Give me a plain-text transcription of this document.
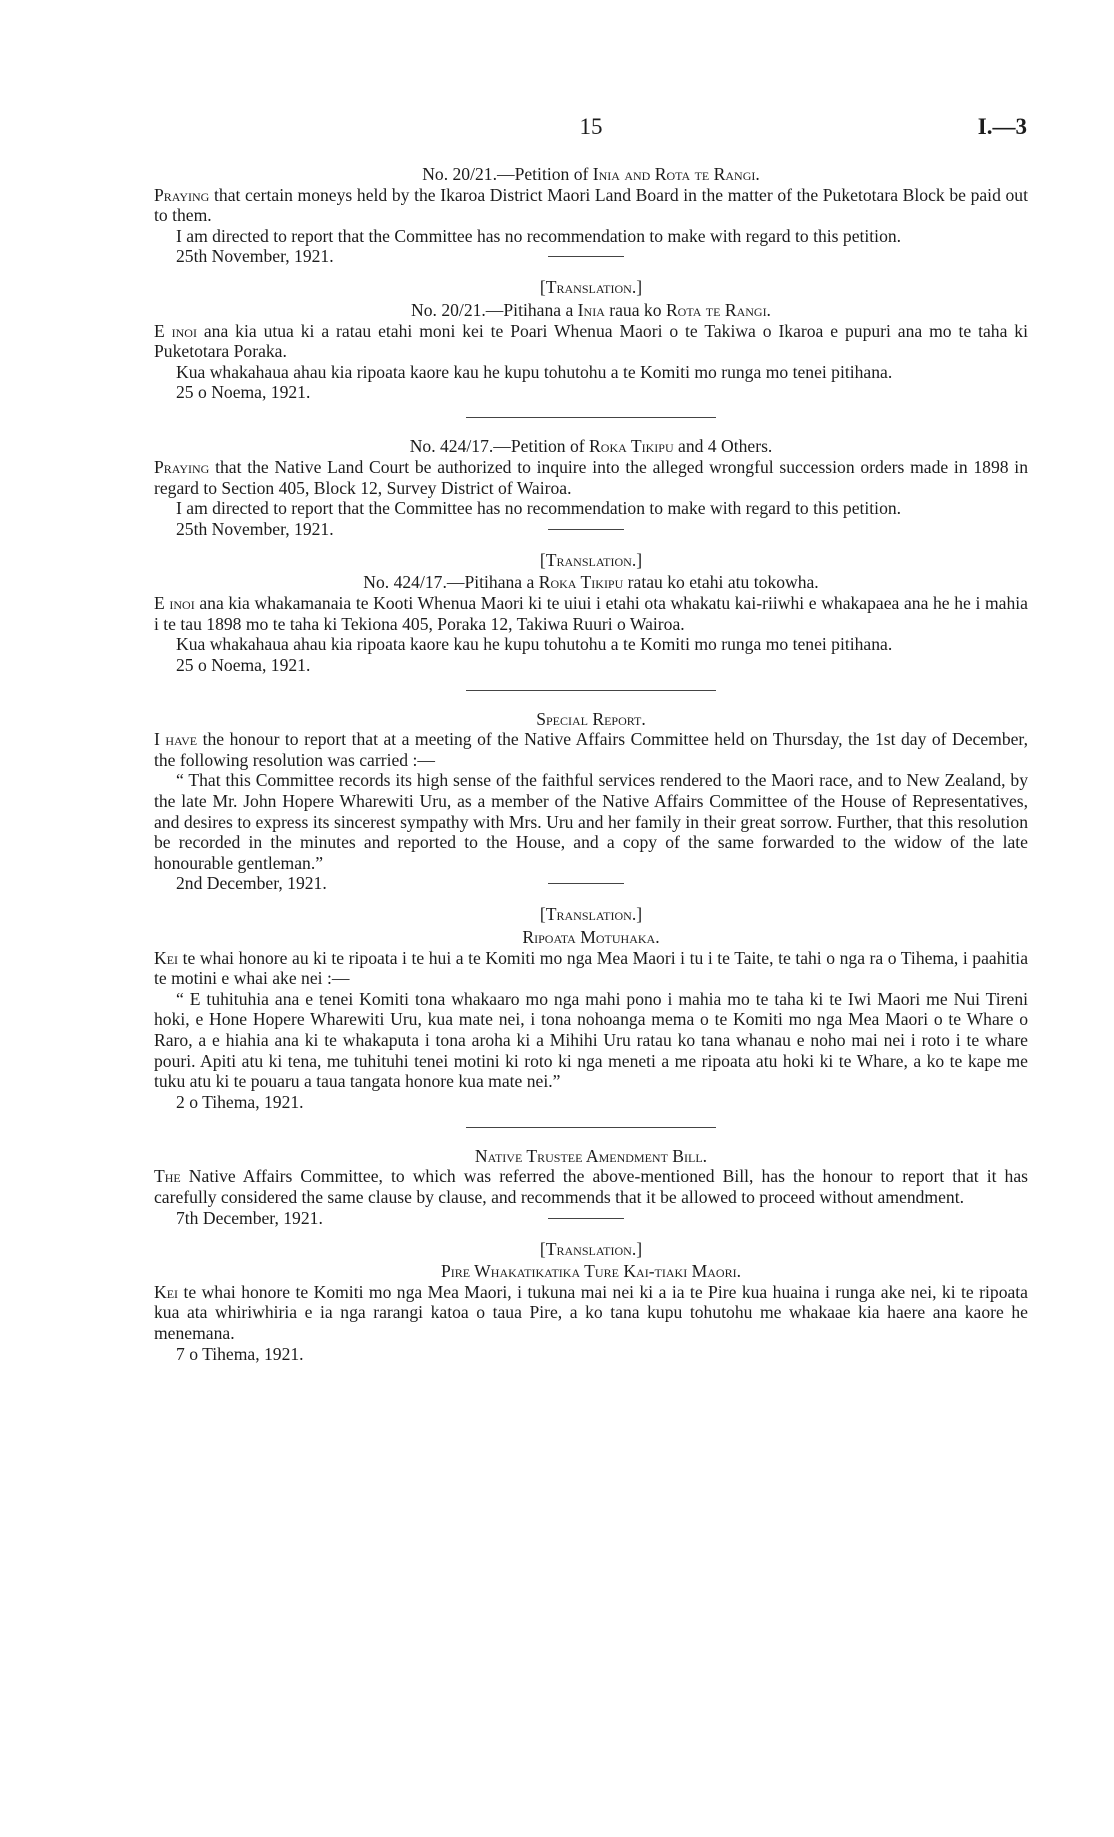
15	I.—3
No. 20/21.—Petition of Inia and Rota te Rangi.

Praying that certain moneys held by the Ikaroa District Maori Land Board in the matter of the Puketotara Block be paid out to them.

I am directed to report that the Committee has no recommendation to make with regard to this petition.

25th November, 1921.
[Translation.]
No. 20/21.—Pitihana a Inia raua ko Rota te Rangi.

E inoi ana kia utua ki a ratau etahi moni kei te Poari Whenua Maori o te Takiwa o Ikaroa e pupuri ana mo te taha ki Puketotara Poraka.

Kua whakahaua ahau kia ripoata kaore kau he kupu tohutohu a te Komiti mo runga mo tenei pitihana.

25 o Noema, 1921.
No. 424/17.—Petition of Roka Tikipu and 4 Others.

Praying that the Native Land Court be authorized to inquire into the alleged wrongful succession orders made in 1898 in regard to Section 405, Block 12, Survey District of Wairoa.

I am directed to report that the Committee has no recommendation to make with regard to this petition.

25th November, 1921.
[Translation.]
No. 424/17.—Pitihana a Roka Tikipu ratau ko etahi atu tokowha.

E inoi ana kia whakamanaia te Kooti Whenua Maori ki te uiui i etahi ota whakatu kai-riiwhi e whakapaea ana he he i mahia i te tau 1898 mo te taha ki Tekiona 405, Poraka 12, Takiwa Ruuri o Wairoa.

Kua whakahaua ahau kia ripoata kaore kau he kupu tohutohu a te Komiti mo runga mo tenei pitihana.

25 o Noema, 1921.
Special Report.

I have the honour to report that at a meeting of the Native Affairs Committee held on Thursday, the 1st day of December, the following resolution was carried :—

“ That this Committee records its high sense of the faithful services rendered to the Maori race, and to New Zealand, by the late Mr. John Hopere Wharewiti Uru, as a member of the Native Affairs Committee of the House of Representatives, and desires to express its sincerest sympathy with Mrs. Uru and her family in their great sorrow. Further, that this resolution be recorded in the minutes and reported to the House, and a copy of the same forwarded to the widow of the late honourable gentleman.”

2nd December, 1921.
[Translation.]
Ripoata Motuhaka.

Kei te whai honore au ki te ripoata i te hui a te Komiti mo nga Mea Maori i tu i te Taite, te tahi o nga ra o Tihema, i paahitia te motini e whai ake nei :—

“ E tuhituhia ana e tenei Komiti tona whakaaro mo nga mahi pono i mahia mo te taha ki te Iwi Maori me Nui Tireni hoki, e Hone Hopere Wharewiti Uru, kua mate nei, i tona nohoanga mema o te Komiti mo nga Mea Maori o te Whare o Raro, a e hiahia ana ki te whakaputa i tona aroha ki a Mihihi Uru ratau ko tana whanau e noho mai nei i roto i te whare pouri. Apiti atu ki tena, me tuhituhi tenei motini ki roto ki nga meneti a me ripoata atu hoki ki te Whare, a ko te kape me tuku atu ki te pouaru a taua tangata honore kua mate nei.”

2 o Tihema, 1921.
Native Trustee Amendment Bill.

The Native Affairs Committee, to which was referred the above-mentioned Bill, has the honour to report that it has carefully considered the same clause by clause, and recommends that it be allowed to proceed without amendment.

7th December, 1921.
[Translation.]
Pire Whakatikatika Ture Kai-tiaki Maori.

Kei te whai honore te Komiti mo nga Mea Maori, i tukuna mai nei ki a ia te Pire kua huaina i runga ake nei, ki te ripoata kua ata whiriwhiria e ia nga rarangi katoa o taua Pire, a ko tana kupu tohutohu me whakaae kia haere ana kaore he menemana.

7 o Tihema, 1921.
